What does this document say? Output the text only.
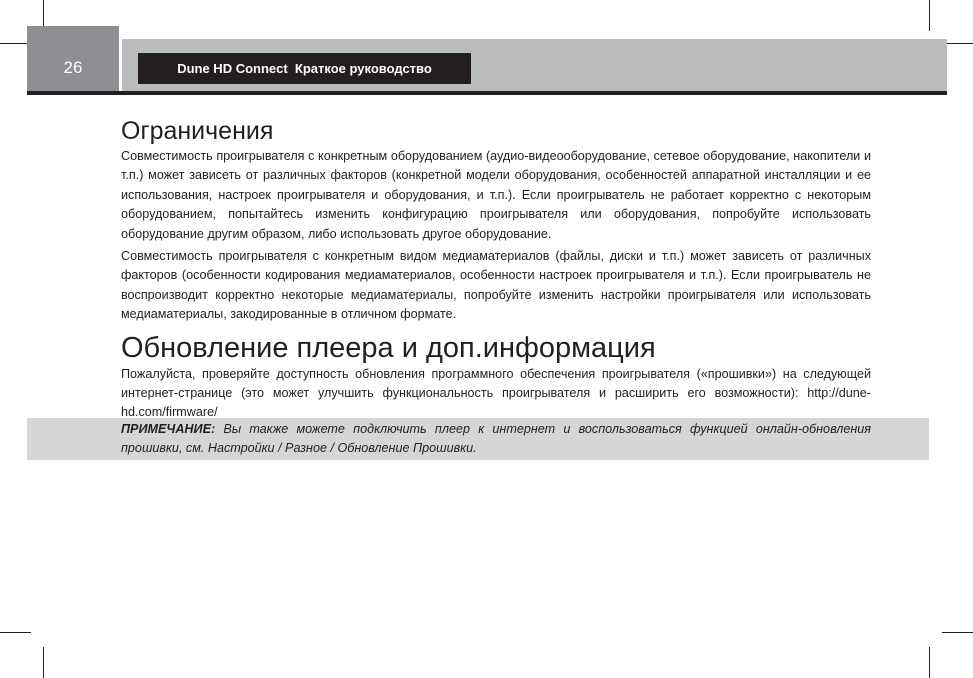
26	Dune HD Connect  Краткое руководство
Ограничения

Совместимость проигрывателя с конкретным оборудованием (аудио-видеооборудование, сетевое оборудование, накопители и т.п.) может зависеть от различных факторов (конкретной модели оборудования, особенностей аппаратной инсталляции и ее использования, настроек проигрывателя и оборудования, и т.п.). Если проигрыватель не работает корректно с некоторым оборудованием, попытайтесь изменить конфигурацию проигрывателя или оборудования, попробуйте использовать оборудование другим образом, либо использовать другое оборудование.

Совместимость проигрывателя с конкретным видом медиаматериалов (файлы, диски и т.п.) может зависеть от различных факторов (особенности кодирования медиаматериалов, особенности настроек проигрывателя и т.п.). Если проигрыватель не воспроизводит корректно некоторые медиаматериалы, попробуйте изменить настройки проигрывателя или использовать медиаматериалы, закодированные в отличном формате.

Обновление плеера и доп.информация

Пожалуйста, проверяйте доступность обновления программного обеспечения проигрывателя («прошивки») на следующей интернет-странице (это может улучшить функциональность проигрывателя и расширить его возможности): http://dune-hd.com/firmware/

ПРИМЕЧАНИЕ: Вы также можете подключить плеер к интернет и воспользоваться функцией онлайн-обновления прошивки, см. Настройки / Разное / Обновление Прошивки.
